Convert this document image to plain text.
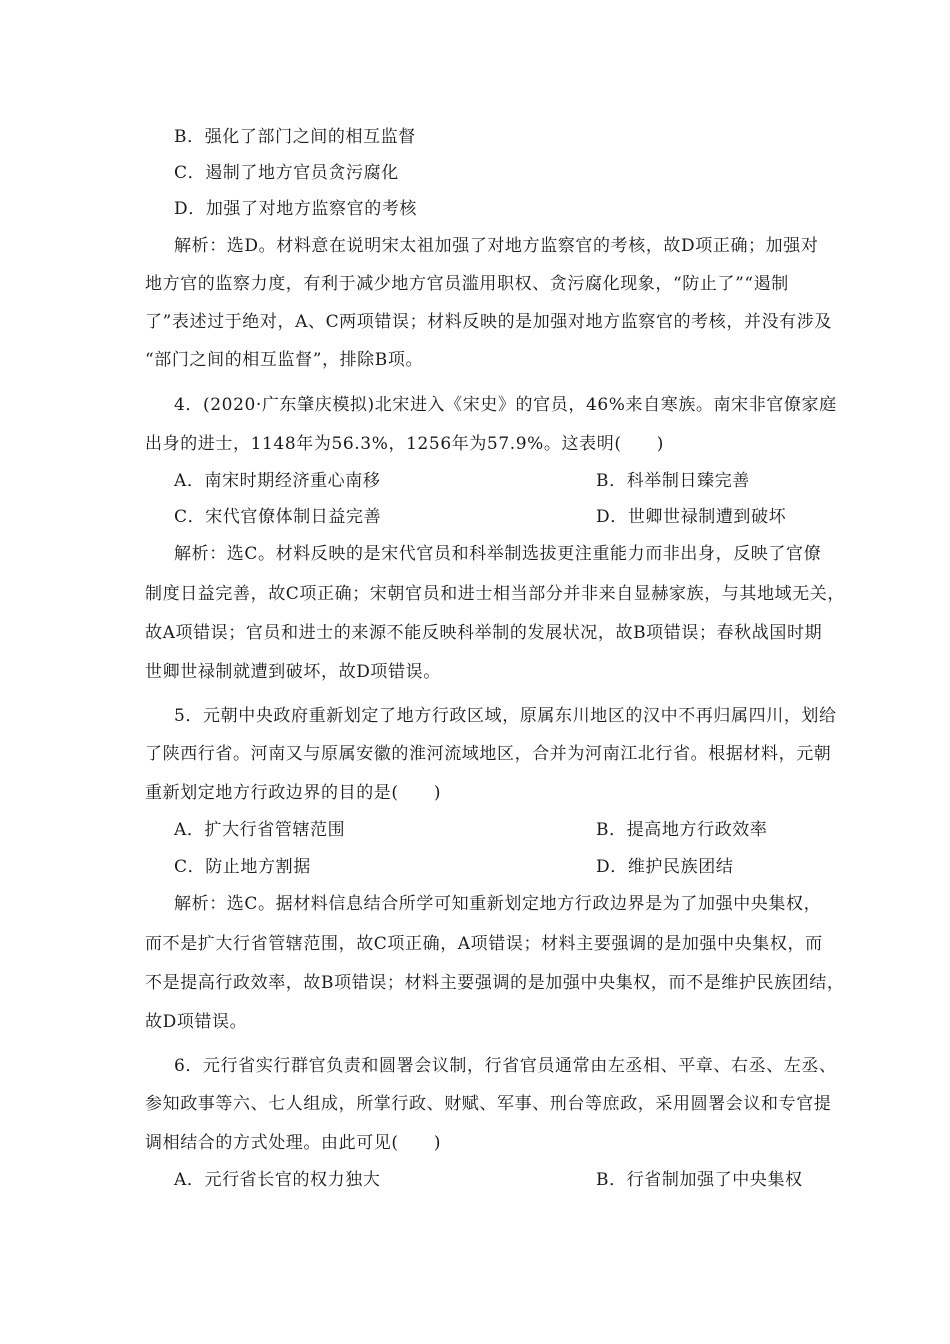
B．强化了部门之间的相互监督
C．遏制了地方官员贪污腐化
D．加强了对地方监察官的考核
解析：选D。材料意在说明宋太祖加强了对地方监察官的考核，故D项正确；加强对
地方官的监察力度，有利于减少地方官员滥用职权、贪污腐化现象，“防止了”“遏制
了”表述过于绝对，A、C两项错误；材料反映的是加强对地方监察官的考核，并没有涉及
“部门之间的相互监督”，排除B项。
4．(2020·广东肇庆模拟)北宋进入《宋史》的官员，46%来自寒族。南宋非官僚家庭
出身的进士，1148年为56.3%，1256年为57.9%。这表明(　　)
A．南宋时期经济重心南移	B．科举制日臻完善
C．宋代官僚体制日益完善	D．世卿世禄制遭到破坏
解析：选C。材料反映的是宋代官员和科举制选拔更注重能力而非出身，反映了官僚
制度日益完善，故C项正确；宋朝官员和进士相当部分并非来自显赫家族，与其地域无关，
故A项错误；官员和进士的来源不能反映科举制的发展状况，故B项错误；春秋战国时期
世卿世禄制就遭到破坏，故D项错误。
5．元朝中央政府重新划定了地方行政区域，原属东川地区的汉中不再归属四川，划给
了陕西行省。河南又与原属安徽的淮河流域地区，合并为河南江北行省。根据材料，元朝
重新划定地方行政边界的目的是(　　)
A．扩大行省管辖范围	B．提高地方行政效率
C．防止地方割据	D．维护民族团结
解析：选C。据材料信息结合所学可知重新划定地方行政边界是为了加强中央集权，
而不是扩大行省管辖范围，故C项正确，A项错误；材料主要强调的是加强中央集权，而
不是提高行政效率，故B项错误；材料主要强调的是加强中央集权，而不是维护民族团结，
故D项错误。
6．元行省实行群官负责和圆署会议制，行省官员通常由左丞相、平章、右丞、左丞、
参知政事等六、七人组成，所掌行政、财赋、军事、刑台等庶政，采用圆署会议和专官提
调相结合的方式处理。由此可见(　　)
A．元行省长官的权力独大	B．行省制加强了中央集权
